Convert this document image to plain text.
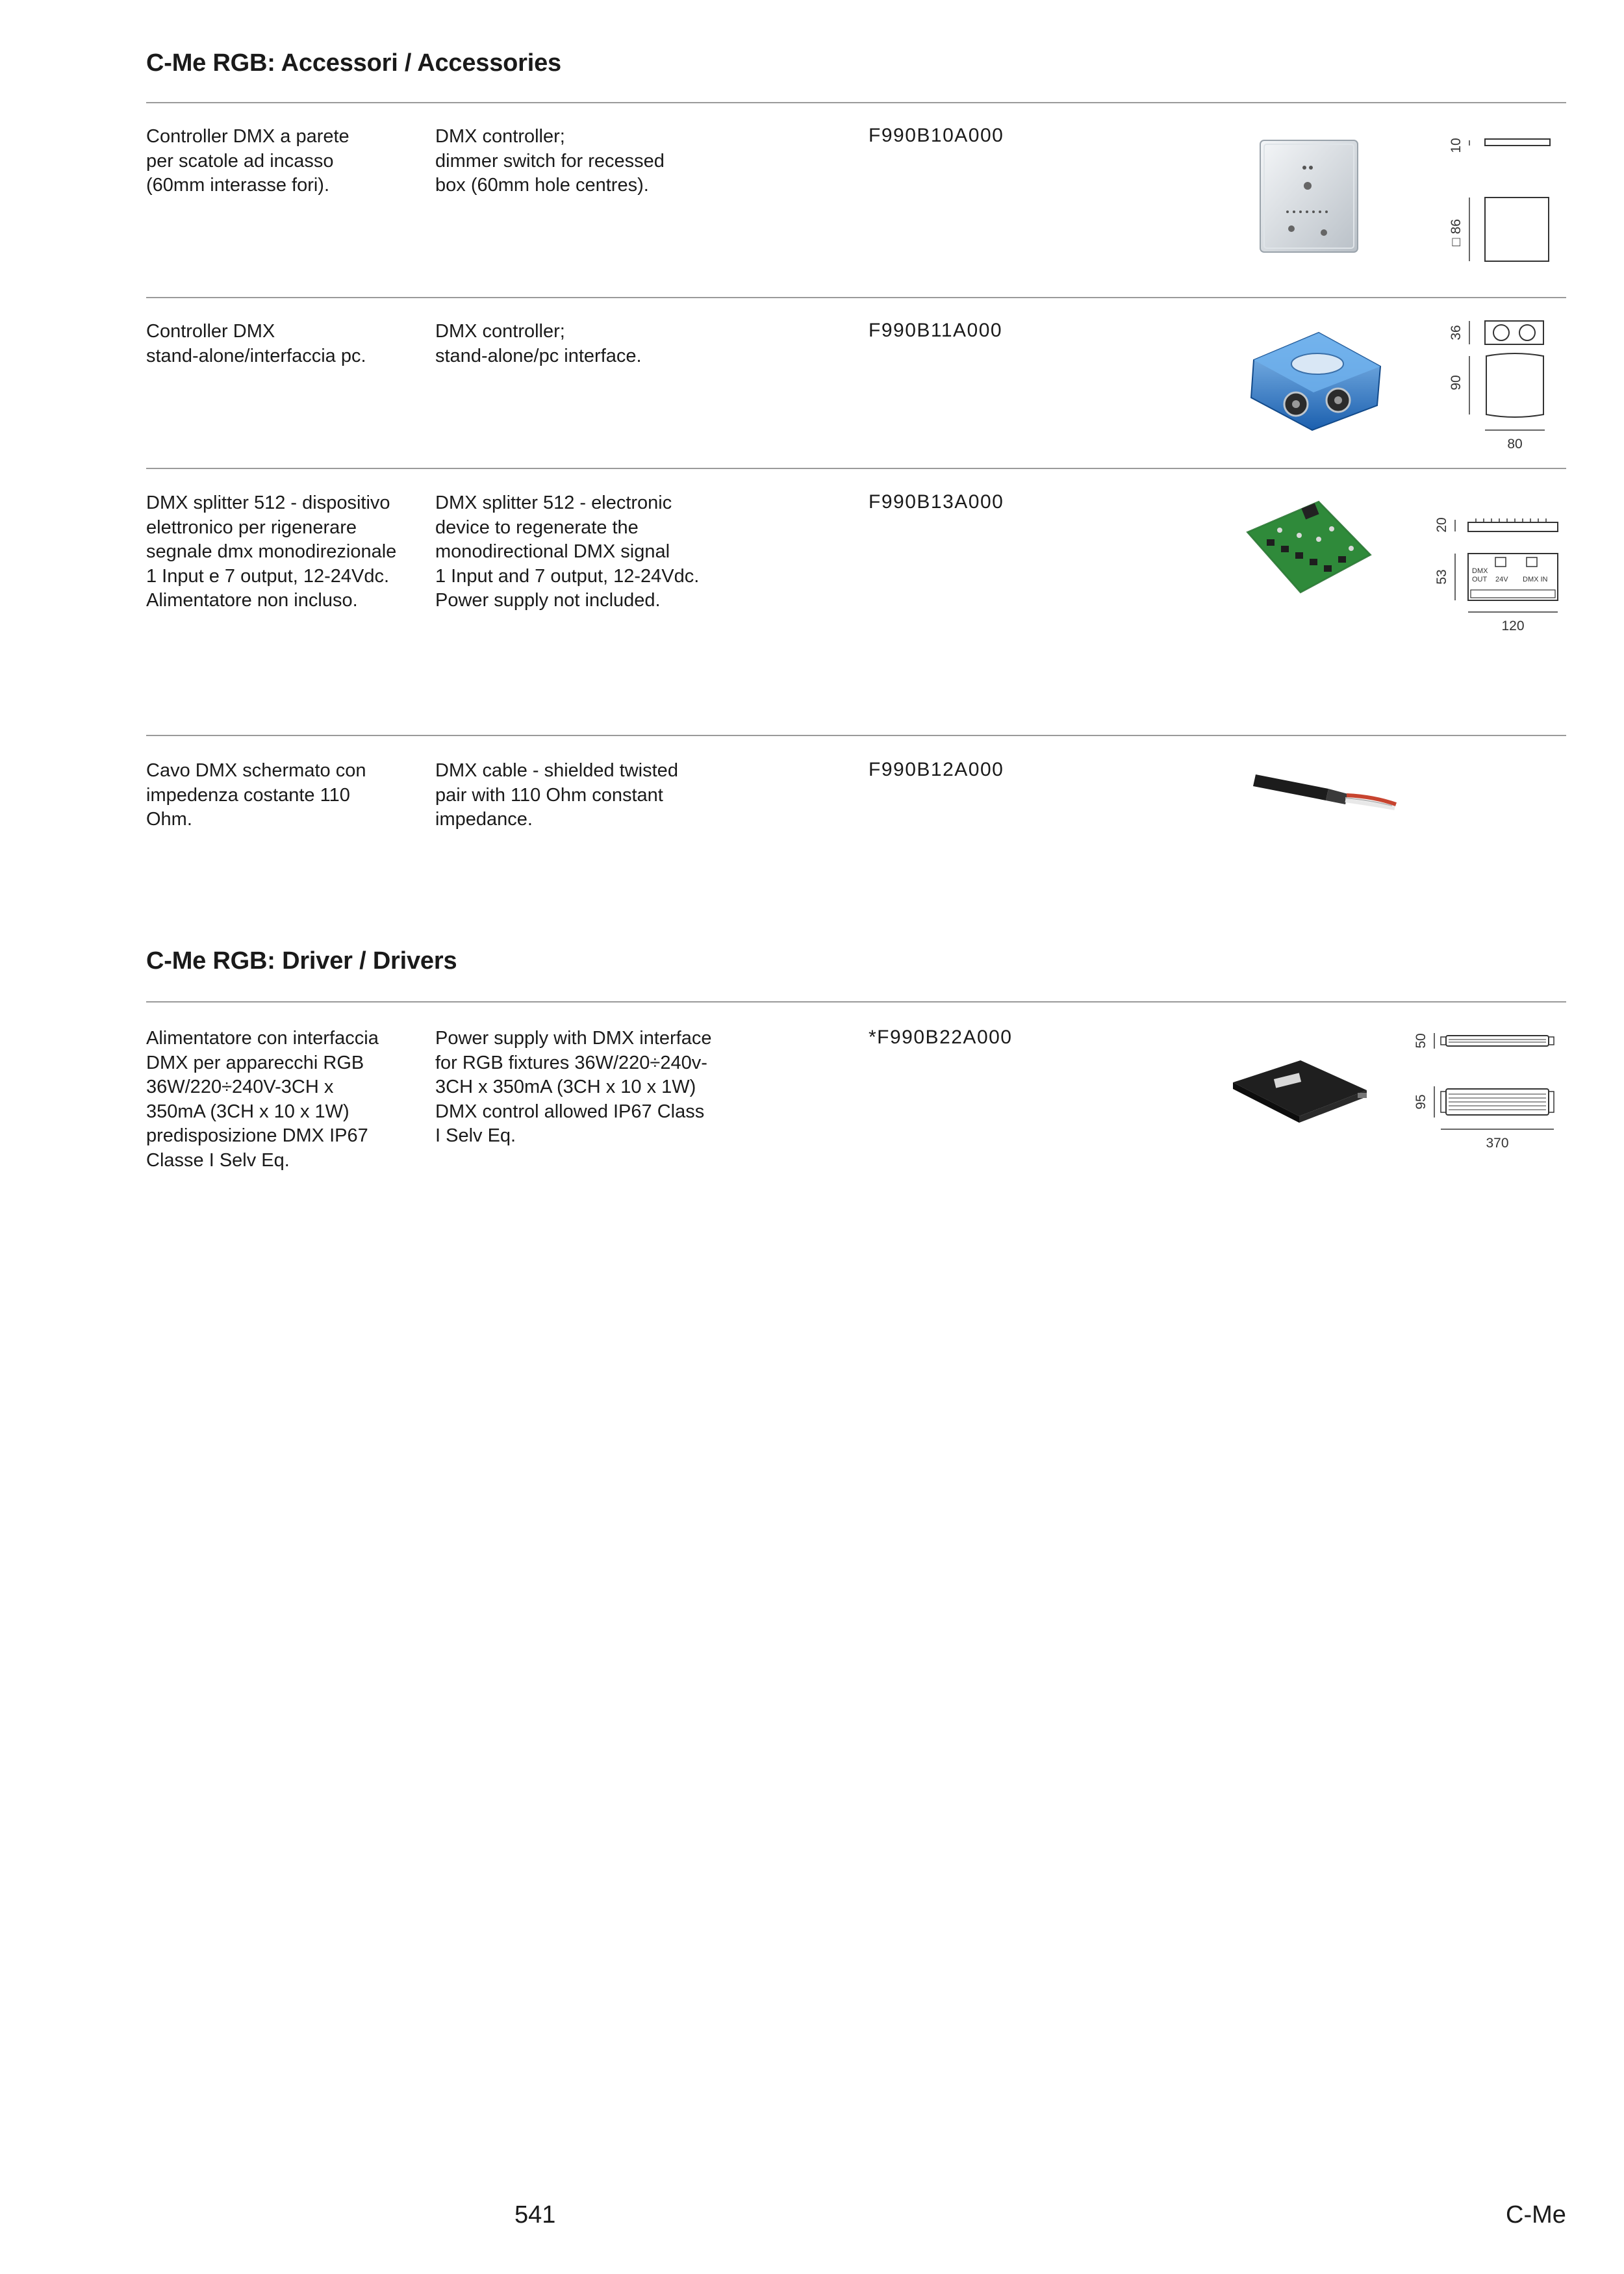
C-Me RGB: Accessori / Accessories
Controller DMX a parete
per scatole ad incasso
(60mm interasse fori).
DMX controller;
dimmer switch for recessed
box (60mm hole centres).
F990B10A000	10
□ 86
Controller DMX
stand-alone/interfaccia pc.
DMX controller;
stand-alone/pc interface.
F990B11A000	36
90
80
DMX splitter 512 - dispositivo
elettronico per rigenerare
segnale dmx monodirezionale
1 Input e 7 output, 12-24Vdc.
Alimentatore non incluso.
DMX splitter 512 - electronic
device to regenerate the
monodirectional DMX signal
1 Input and 7 output, 12-24Vdc.
Power supply not included.
F990B13A000
20
53	DMX
OUT 24V DMX IN
120
Cavo DMX schermato con
impedenza costante 110
Ohm.
DMX cable - shielded twisted
pair with 110 Ohm constant
impedance.
F990B12A000
C-Me RGB: Driver / Drivers
Alimentatore con interfaccia
DMX per apparecchi RGB
36W/220÷240V-3CH x
350mA (3CH x 10 x 1W)
predisposizione DMX IP67
Classe I Selv Eq.
Power supply with DMX interface
for RGB fixtures 36W/220÷240v-
3CH x 350mA (3CH x 10 x 1W)
DMX control allowed IP67 Class
I Selv Eq.
*F990B22A000	50
95
370
541	C-Me
